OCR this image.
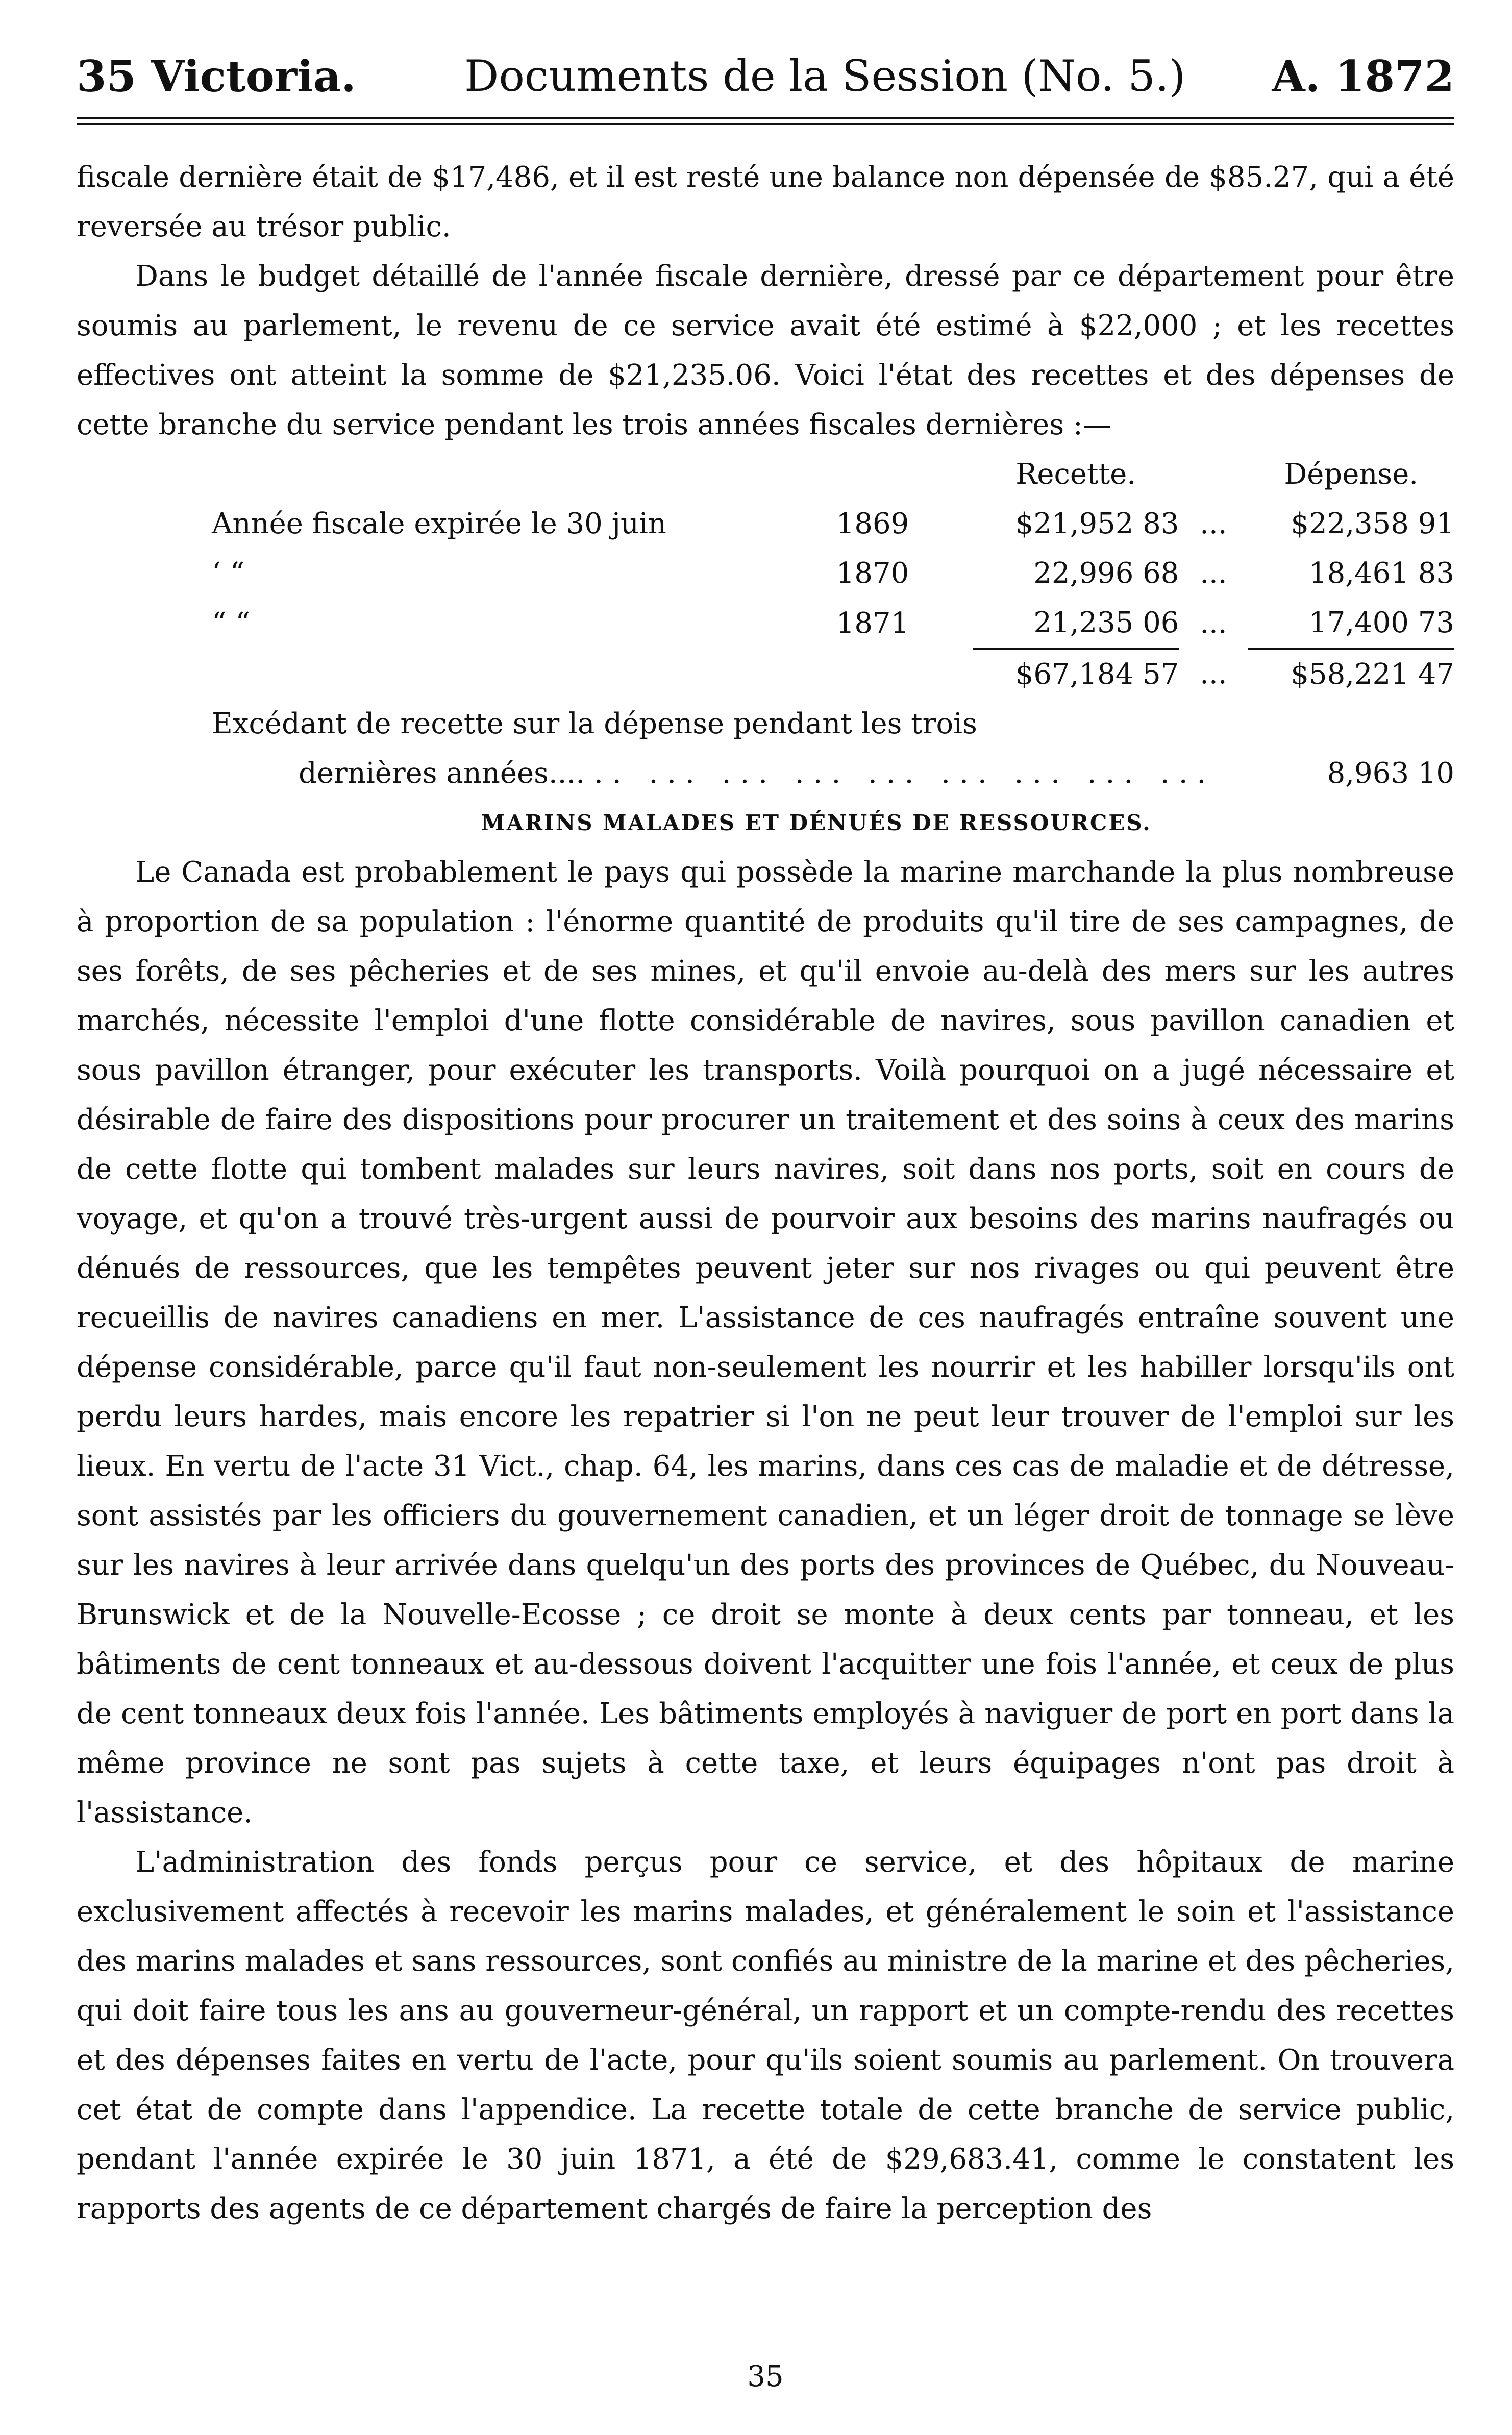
35 Victoria.	Documents de la Session (No. 5.) A. 1872

fiscale dernière était de $17,486, et il est resté une balance non dépensée de $85.27, qui a été reversée au trésor public.

Dans le budget détaillé de l'année fiscale dernière, dressé par ce département pour être soumis au parlement, le revenu de ce service avait été estimé à $22,000 ; et les recettes effectives ont atteint la somme de $21,235.06. Voici l'état des recettes et des dépenses de cette branche du service pendant les trois années fiscales dernières :—

		Recette.		Dépense.
Année fiscale expirée le 30 juin	1869	$21,952 83	...	$22,358 91
‘ “	1870	22,996 68	...	18,461 83
“ “	1871	21,235 06	...	17,400 73
		$67,184 57	...	$58,221 47
Excédant de recette sur la dépense pendant les trois
dernières années... ... ... ... ... ... ... ... ... ...	8,963 10
MARINS MALADES ET DÉNUÉS DE RESSOURCES.

Le Canada est probablement le pays qui possède la marine marchande la plus nombreuse à proportion de sa population : l'énorme quantité de produits qu'il tire de ses campagnes, de ses forêts, de ses pêcheries et de ses mines, et qu'il envoie au-delà des mers sur les autres marchés, nécessite l'emploi d'une flotte considérable de navires, sous pavillon canadien et sous pavillon étranger, pour exécuter les transports. Voilà pourquoi on a jugé nécessaire et désirable de faire des dispositions pour procurer un traitement et des soins à ceux des marins de cette flotte qui tombent malades sur leurs navires, soit dans nos ports, soit en cours de voyage, et qu'on a trouvé très-urgent aussi de pourvoir aux besoins des marins naufragés ou dénués de ressources, que les tempêtes peuvent jeter sur nos rivages ou qui peuvent être recueillis de navires canadiens en mer. L'assistance de ces naufragés entraîne souvent une dépense considérable, parce qu'il faut non-seulement les nourrir et les habiller lorsqu'ils ont perdu leurs hardes, mais encore les repatrier si l'on ne peut leur trouver de l'emploi sur les lieux. En vertu de l'acte 31 Vict., chap. 64, les marins, dans ces cas de maladie et de détresse, sont assistés par les officiers du gouvernement canadien, et un léger droit de tonnage se lève sur les navires à leur arrivée dans quelqu'un des ports des provinces de Québec, du Nouveau-Brunswick et de la Nouvelle-Ecosse ; ce droit se monte à deux cents par tonneau, et les bâtiments de cent tonneaux et au-dessous doivent l'acquitter une fois l'année, et ceux de plus de cent tonneaux deux fois l'année. Les bâtiments employés à naviguer de port en port dans la même province ne sont pas sujets à cette taxe, et leurs équipages n'ont pas droit à l'assistance.

L'administration des fonds perçus pour ce service, et des hôpitaux de marine exclusivement affectés à recevoir les marins malades, et généralement le soin et l'assistance des marins malades et sans ressources, sont confiés au ministre de la marine et des pêcheries, qui doit faire tous les ans au gouverneur-général, un rapport et un compte-rendu des recettes et des dépenses faites en vertu de l'acte, pour qu'ils soient soumis au parlement. On trouvera cet état de compte dans l'appendice. La recette totale de cette branche de service public, pendant l'année expirée le 30 juin 1871, a été de $29,683.41, comme le constatent les rapports des agents de ce département chargés de faire la perception des

35
